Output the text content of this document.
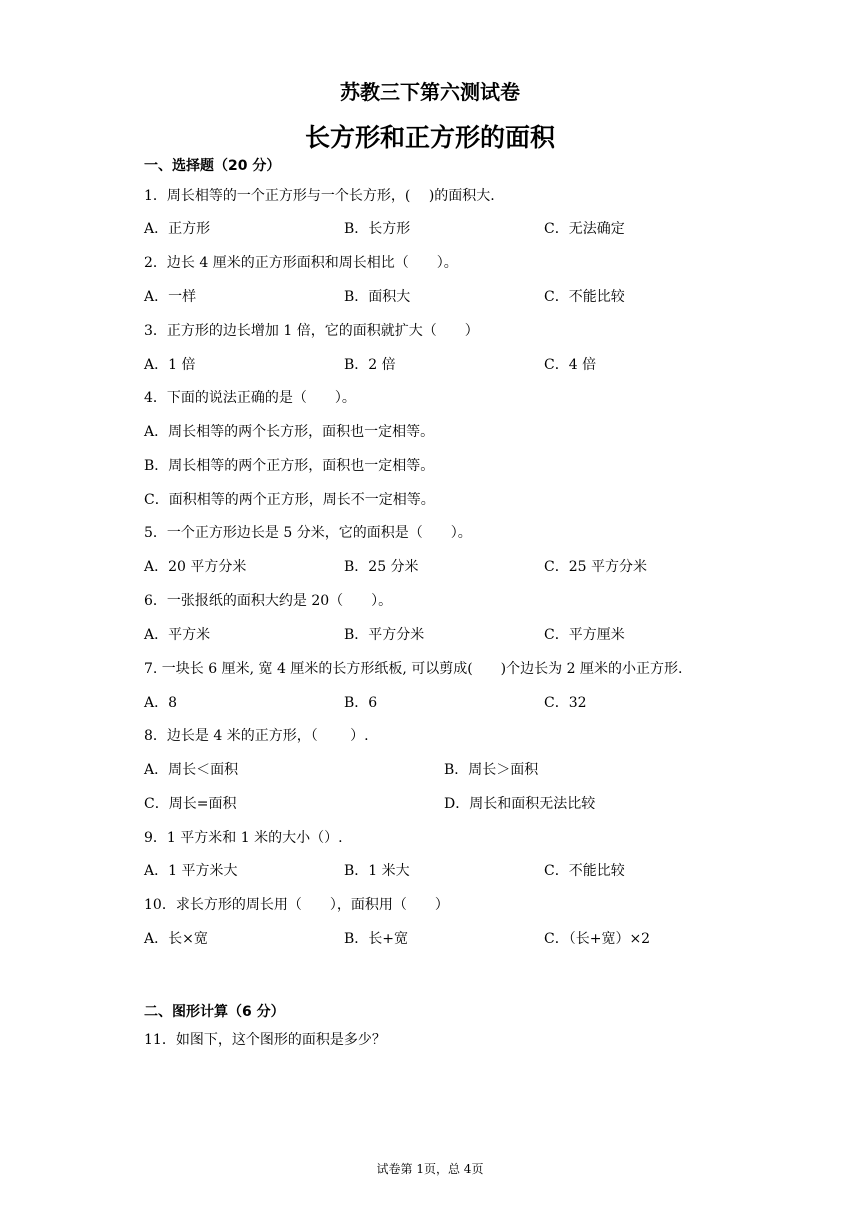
苏教三下第六测试卷
长方形和正方形的面积
一、选择题（20 分）
1．周长相等的一个正方形与一个长方形，(　 )的面积大.
A．正方形	B．长方形	C．无法确定
2．边长 4 厘米的正方形面积和周长相比（　　）。
A．一样	B．面积大	C．不能比较
3．正方形的边长增加 1 倍，它的面积就扩大（　　）
A．1 倍	B．2 倍	C．4 倍
4．下面的说法正确的是（　　）。
A．周长相等的两个长方形，面积也一定相等。
B．周长相等的两个正方形，面积也一定相等。
C．面积相等的两个正方形，周长不一定相等。
5．一个正方形边长是 5 分米，它的面积是（　　）。
A．20 平方分米	B．25 分米	C．25 平方分米
6．一张报纸的面积大约是 20（　　）。
A．平方米	B．平方分米	C．平方厘米
7. 一块长 6 厘米, 宽 4 厘米的长方形纸板, 可以剪成(　　)个边长为 2 厘米的小正方形.
A．8	B．6	C．32
8．边长是 4 米的正方形，（　　 ）.
A．周长＜面积	B．周长＞面积
C．周长=面积	D．周长和面积无法比较
9．1 平方米和 1 米的大小（）.
A．1 平方米大	B．1 米大	C．不能比较
10．求长方形的周长用（　　），面积用（　　）
A．长×宽	B．长+宽	C．（长+宽）×2
二、图形计算（6 分）
11．如图下，这个图形的面积是多少？
试卷第 1页，总 4页
